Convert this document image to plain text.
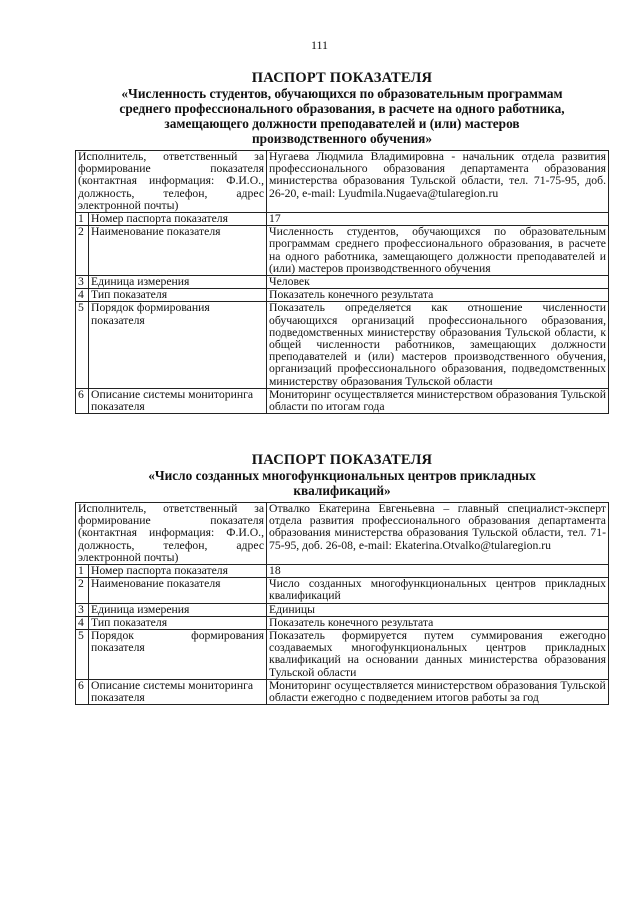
111
ПАСПОРТ ПОКАЗАТЕЛЯ
«Численность студентов, обучающихся по образовательным программам
среднего профессионального образования, в расчете на одного работника,
замещающего должности преподавателей и (или) мастеров
производственного обучения»
Исполнитель, ответственный за формирование показателя (контактная информация: Ф.И.О., должность, телефон, адрес электронной почты)		Нугаева Людмила Владимировна - начальник отдела развития профессионального образования департамента образования министерства образования Тульской области, тел. 71-75-95, доб. 26-20, e-mail: Lyudmila.Nugaeva@tularegion.ru
1	Номер паспорта показателя	17
2	Наименование показателя	Численность студентов, обучающихся по образовательным программам среднего профессионального образования, в расчете на одного работника, замещающего должности преподавателей и (или) мастеров производственного обучения
3	Единица измерения	Человек
4	Тип показателя	Показатель конечного результата
5	Порядок формирования показателя	Показатель определяется как отношение численности обучающихся организаций профессионального образования, подведомственных министерству образования Тульской области, к общей численности работников, замещающих должности преподавателей и (или) мастеров производственного обучения, организаций профессионального образования, подведомственных министерству образования Тульской области
6	Описание системы мониторинга показателя	Мониторинг осуществляется министерством образования Тульской области по итогам года
ПАСПОРТ ПОКАЗАТЕЛЯ
«Число созданных многофункциональных центров прикладных
квалификаций»
Исполнитель, ответственный за формирование показателя (контактная информация: Ф.И.О., должность, телефон, адрес электронной почты)		Отвалко Екатерина Евгеньевна – главный специалист-эксперт отдела развития профессионального образования департамента образования министерства образования Тульской области, тел. 71-75-95, доб. 26-08, e-mail: Ekaterina.Otvalko@tularegion.ru
1	Номер паспорта показателя	18
2	Наименование показателя	Число созданных многофункциональных центров прикладных квалификаций
3	Единица измерения	Единицы
4	Тип показателя	Показатель конечного результата
5	Порядок формирования показателя	Показатель формируется путем суммирования ежегодно создаваемых многофункциональных центров прикладных квалификаций на основании данных министерства образования Тульской области
6	Описание системы мониторинга показателя	Мониторинг осуществляется министерством образования Тульской области ежегодно с подведением итогов работы за год
